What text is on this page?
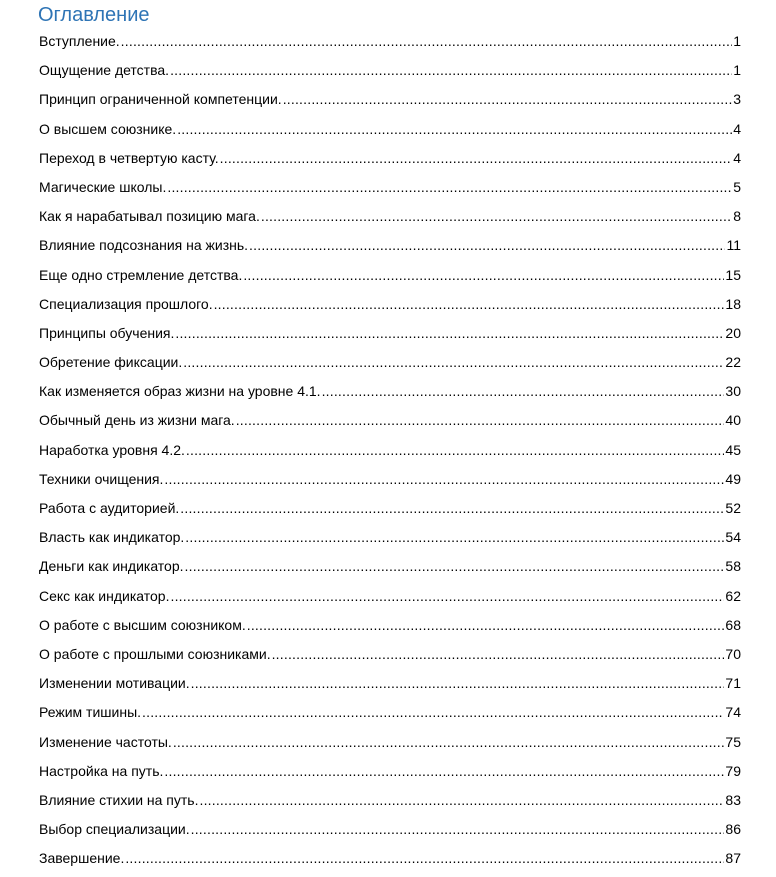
Оглавление
Вступление. .....	1
Ощущение детства. .....	1
Принцип ограниченной компетенции. .....	3
О высшем союзнике. .....	4
Переход в четвертую касту. .....	4
Магические школы. .....	5
Как я нарабатывал позицию мага. .....	8
Влияние подсознания на жизнь. .....	11
Еще одно стремление детства. .....	15
Специализация прошлого. .....	18
Принципы обучения. .....	20
Обретение фиксации. .....	22
Как изменяется образ жизни на уровне 4.1. .....	30
Обычный день из жизни мага. .....	40
Наработка уровня 4.2. .....	45
Техники очищения. .....	49
Работа с аудиторией. .....	52
Власть как индикатор. .....	54
Деньги как индикатор. .....	58
Секс как индикатор. .....	62
О работе с высшим союзником. .....	68
О работе с прошлыми союзниками. .....	70
Изменении мотивации. .....	71
Режим тишины. .....	74
Изменение частоты. .....	75
Настройка на путь. .....	79
Влияние стихии на путь. .....	83
Выбор специализации. .....	86
Завершение. .....	87
